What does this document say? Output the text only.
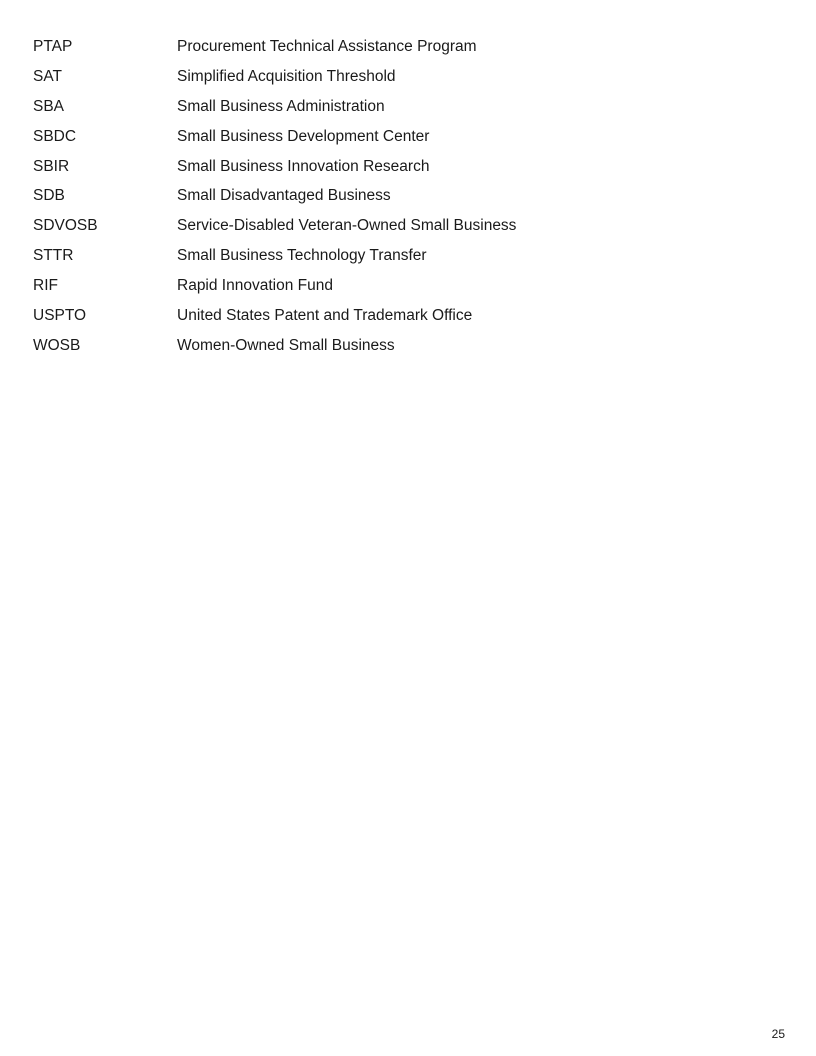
PTAP	Procurement Technical Assistance Program
SAT	Simplified Acquisition Threshold
SBA	Small Business Administration
SBDC	Small Business Development Center
SBIR	Small Business Innovation Research
SDB	Small Disadvantaged Business
SDVOSB	Service-Disabled Veteran-Owned Small Business
STTR	Small Business Technology Transfer
RIF	Rapid Innovation Fund
USPTO	United States Patent and Trademark Office
WOSB	Women-Owned Small Business
25
